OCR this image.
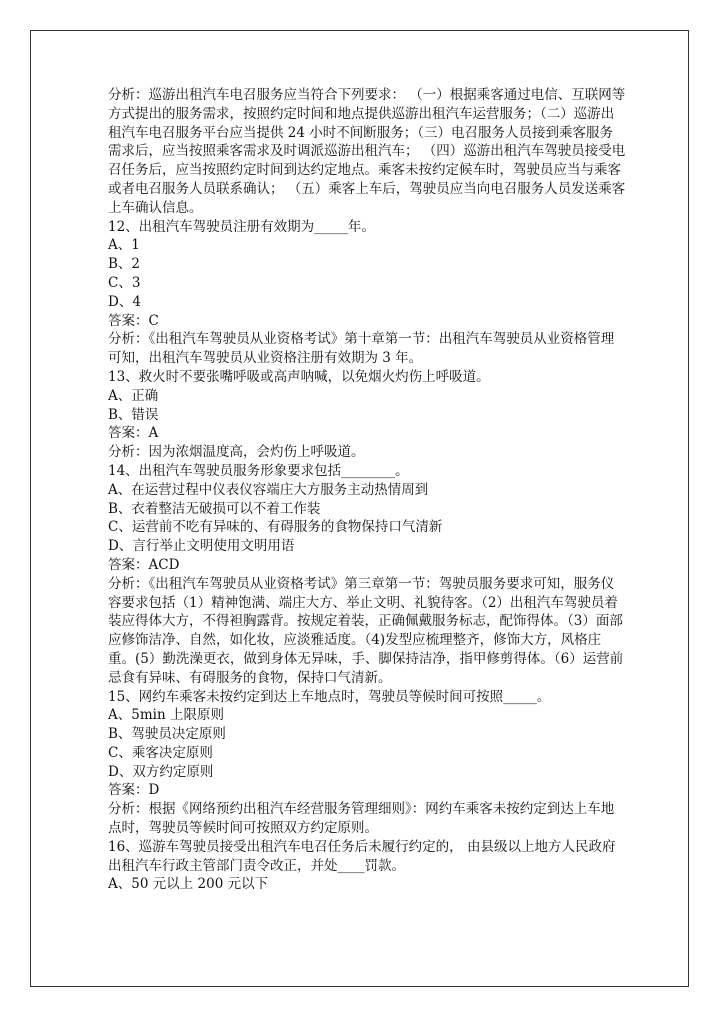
分析：巡游出租汽车电召服务应当符合下列要求： （一）根据乘客通过电信、互联网等方式提出的服务需求，按照约定时间和地点提供巡游出租汽车运营服务；（二）巡游出租汽车电召服务平台应当提供 24 小时不间断服务；（三）电召服务人员接到乘客服务需求后，应当按照乘客需求及时调派巡游出租汽车； （四）巡游出租汽车驾驶员接受电召任务后，应当按照约定时间到达约定地点。乘客未按约定候车时，驾驶员应当与乘客或者电召服务人员联系确认； （五）乘客上车后，驾驶员应当向电召服务人员发送乘客上车确认信息。

12、出租汽车驾驶员注册有效期为_____年。

A、1

B、2

C、3

D、4

答案：C

分析：《出租汽车驾驶员从业资格考试》第十章第一节：出租汽车驾驶员从业资格管理可知，出租汽车驾驶员从业资格注册有效期为 3 年。

13、救火时不要张嘴呼吸或高声呐喊，以免烟火灼伤上呼吸道。

A、正确

B、错误

答案：A

分析：因为浓烟温度高，会灼伤上呼吸道。

14、出租汽车驾驶员服务形象要求包括________。

A、在运营过程中仪表仪容端庄大方服务主动热情周到

B、衣着整洁无破损可以不着工作装

C、运营前不吃有异味的、有碍服务的食物保持口气清新

D、言行举止文明使用文明用语

答案：ACD

分析：《出租汽车驾驶员从业资格考试》第三章第一节：驾驶员服务要求可知，服务仪容要求包括（1）精神饱满、端庄大方、举止文明、礼貌待客。（2）出租汽车驾驶员着装应得体大方，不得袒胸露背。按规定着装，正确佩戴服务标志，配饰得体。（3）面部应修饰洁净、自然，如化妆，应淡雅适度。（4)发型应梳理整齐，修饰大方，风格庄重。(5）勤洗澡更衣，做到身体无异味，手、脚保持洁净，指甲修剪得体。（6）运营前忌食有异味、有碍服务的食物，保持口气清新。

15、网约车乘客未按约定到达上车地点时，驾驶员等候时间可按照_____。

A、5min 上限原则

B、驾驶员决定原则

C、乘客决定原则

D、双方约定原则

答案：D

分析：根据《网络预约出租汽车经营服务管理细则》：网约车乘客未按约定到达上车地点时，驾驶员等候时间可按照双方约定原则。

16、巡游车驾驶员接受出租汽车电召任务后未履行约定的， 由县级以上地方人民政府出租汽车行政主管部门责令改正，并处____罚款。

A、50 元以上 200 元以下
